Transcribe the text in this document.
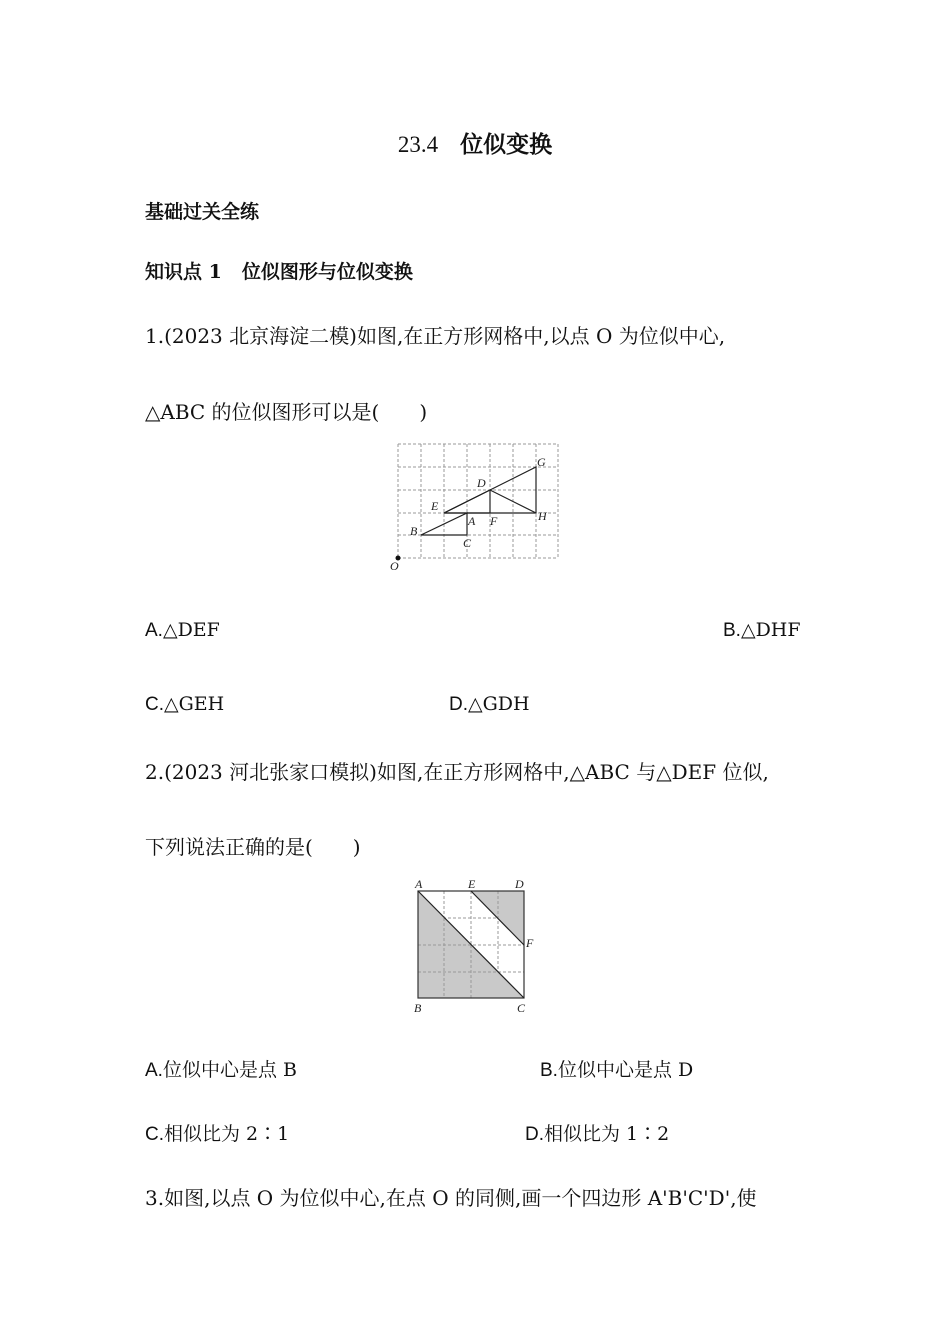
23.4 位似变换
基础过关全练
知识点 1 位似图形与位似变换
1.(2023 北京海淀二模)如图,在正方形网格中,以点 O 为位似中心,
△ABC 的位似图形可以是(　　)
O
B
C
A
E
D
F
G
H
A.△DEF	B.△DHF
C.△GEH	D.△GDH
2.(2023 河北张家口模拟)如图,在正方形网格中,△ABC 与△DEF 位似,
下列说法正确的是(　　)
A	E	D
F
B	C
A.位似中心是点 B	B.位似中心是点 D
C.相似比为 2∶1	D.相似比为 1∶2
3.如图,以点 O 为位似中心,在点 O 的同侧,画一个四边形 A'B'C'D',使
